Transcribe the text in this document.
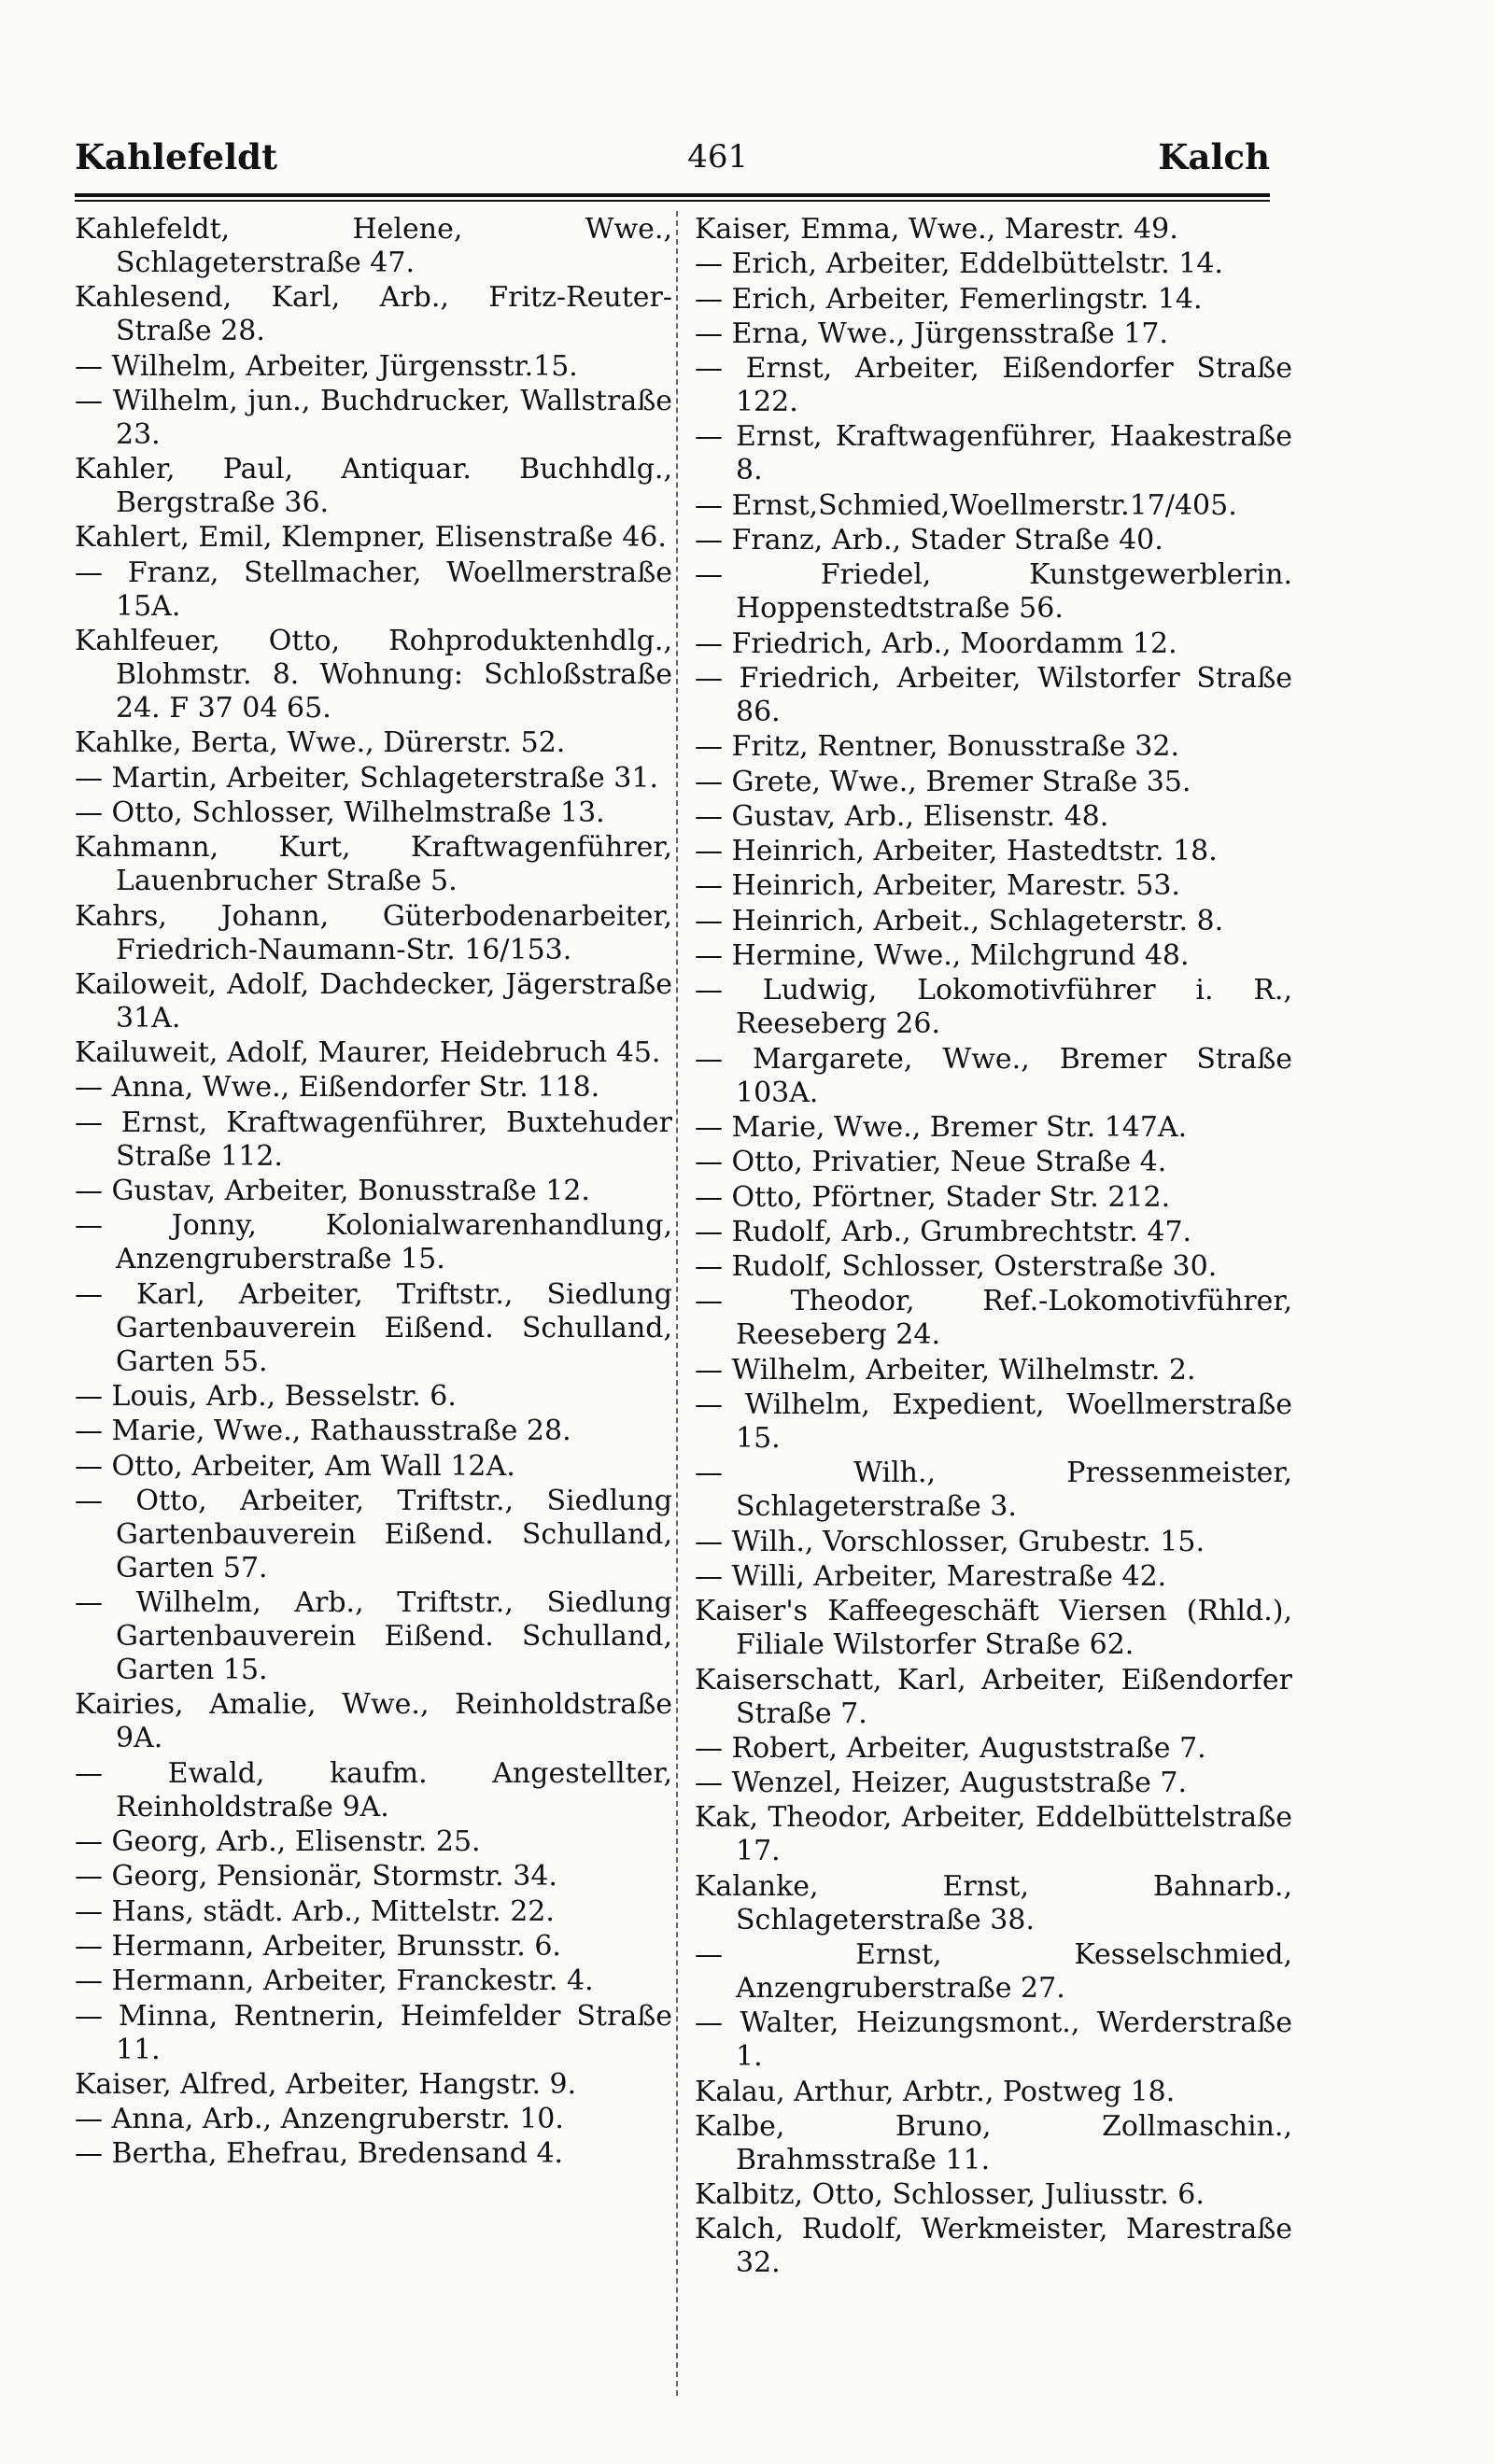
Kahlefeldt	461	Kalch
Kahlefeldt, Helene, Wwe., Schlageterstraße 47.
Kahlesend, Karl, Arb., Fritz-Reuter-Straße 28.
— Wilhelm, Arbeiter, Jürgensstr.15.
— Wilhelm, jun., Buchdrucker, Wallstraße 23.
Kahler, Paul, Antiquar. Buchhdlg., Bergstraße 36.
Kahlert, Emil, Klempner, Elisenstraße 46.
— Franz, Stellmacher, Woellmerstraße 15A.
Kahlfeuer, Otto, Rohproduktenhdlg., Blohmstr. 8. Wohnung: Schloßstraße 24. F 37 04 65.
Kahlke, Berta, Wwe., Dürerstr. 52.
— Martin, Arbeiter, Schlageterstraße 31.
— Otto, Schlosser, Wilhelmstraße 13.
Kahmann, Kurt, Kraftwagenführer, Lauenbrucher Straße 5.
Kahrs, Johann, Güterbodenarbeiter, Friedrich-Naumann-Str. 16/153.
Kailoweit, Adolf, Dachdecker, Jägerstraße 31A.
Kailuweit, Adolf, Maurer, Heidebruch 45.
— Anna, Wwe., Eißendorfer Str. 118.
— Ernst, Kraftwagenführer, Buxtehuder Straße 112.
— Gustav, Arbeiter, Bonusstraße 12.
— Jonny, Kolonialwarenhandlung, Anzengruberstraße 15.
— Karl, Arbeiter, Triftstr., Siedlung Gartenbauverein Eißend. Schulland, Garten 55.
— Louis, Arb., Besselstr. 6.
— Marie, Wwe., Rathausstraße 28.
— Otto, Arbeiter, Am Wall 12A.
— Otto, Arbeiter, Triftstr., Siedlung Gartenbauverein Eißend. Schulland, Garten 57.
— Wilhelm, Arb., Triftstr., Siedlung Gartenbauverein Eißend. Schulland, Garten 15.
Kairies, Amalie, Wwe., Reinholdstraße 9A.
— Ewald, kaufm. Angestellter, Reinholdstraße 9A.
— Georg, Arb., Elisenstr. 25.
— Georg, Pensionär, Stormstr. 34.
— Hans, städt. Arb., Mittelstr. 22.
— Hermann, Arbeiter, Brunsstr. 6.
— Hermann, Arbeiter, Franckestr. 4.
— Minna, Rentnerin, Heimfelder Straße 11.
Kaiser, Alfred, Arbeiter, Hangstr. 9.
— Anna, Arb., Anzengruberstr. 10.
— Bertha, Ehefrau, Bredensand 4.
Kaiser, Emma, Wwe., Marestr. 49.
— Erich, Arbeiter, Eddelbüttelstr. 14.
— Erich, Arbeiter, Femerlingstr. 14.
— Erna, Wwe., Jürgensstraße 17.
— Ernst, Arbeiter, Eißendorfer Straße 122.
— Ernst, Kraftwagenführer, Haakestraße 8.
— Ernst,Schmied,Woellmerstr.17/405.
— Franz, Arb., Stader Straße 40.
— Friedel, Kunstgewerblerin. Hoppenstedtstraße 56.
— Friedrich, Arb., Moordamm 12.
— Friedrich, Arbeiter, Wilstorfer Straße 86.
— Fritz, Rentner, Bonusstraße 32.
— Grete, Wwe., Bremer Straße 35.
— Gustav, Arb., Elisenstr. 48.
— Heinrich, Arbeiter, Hastedtstr. 18.
— Heinrich, Arbeiter, Marestr. 53.
— Heinrich, Arbeit., Schlageterstr. 8.
— Hermine, Wwe., Milchgrund 48.
— Ludwig, Lokomotivführer i. R., Reeseberg 26.
— Margarete, Wwe., Bremer Straße 103A.
— Marie, Wwe., Bremer Str. 147A.
— Otto, Privatier, Neue Straße 4.
— Otto, Pförtner, Stader Str. 212.
— Rudolf, Arb., Grumbrechtstr. 47.
— Rudolf, Schlosser, Osterstraße 30.
— Theodor, Ref.-Lokomotivführer, Reeseberg 24.
— Wilhelm, Arbeiter, Wilhelmstr. 2.
— Wilhelm, Expedient, Woellmerstraße 15.
— Wilh., Pressenmeister, Schlageterstraße 3.
— Wilh., Vorschlosser, Grubestr. 15.
— Willi, Arbeiter, Marestraße 42.
Kaiser's Kaffeegeschäft Viersen (Rhld.), Filiale Wilstorfer Straße 62.
Kaiserschatt, Karl, Arbeiter, Eißendorfer Straße 7.
— Robert, Arbeiter, Auguststraße 7.
— Wenzel, Heizer, Auguststraße 7.
Kak, Theodor, Arbeiter, Eddelbüttelstraße 17.
Kalanke, Ernst, Bahnarb., Schlageterstraße 38.
— Ernst, Kesselschmied, Anzengruberstraße 27.
— Walter, Heizungsmont., Werderstraße 1.
Kalau, Arthur, Arbtr., Postweg 18.
Kalbe, Bruno, Zollmaschin., Brahmsstraße 11.
Kalbitz, Otto, Schlosser, Juliusstr. 6.
Kalch, Rudolf, Werkmeister, Marestraße 32.
